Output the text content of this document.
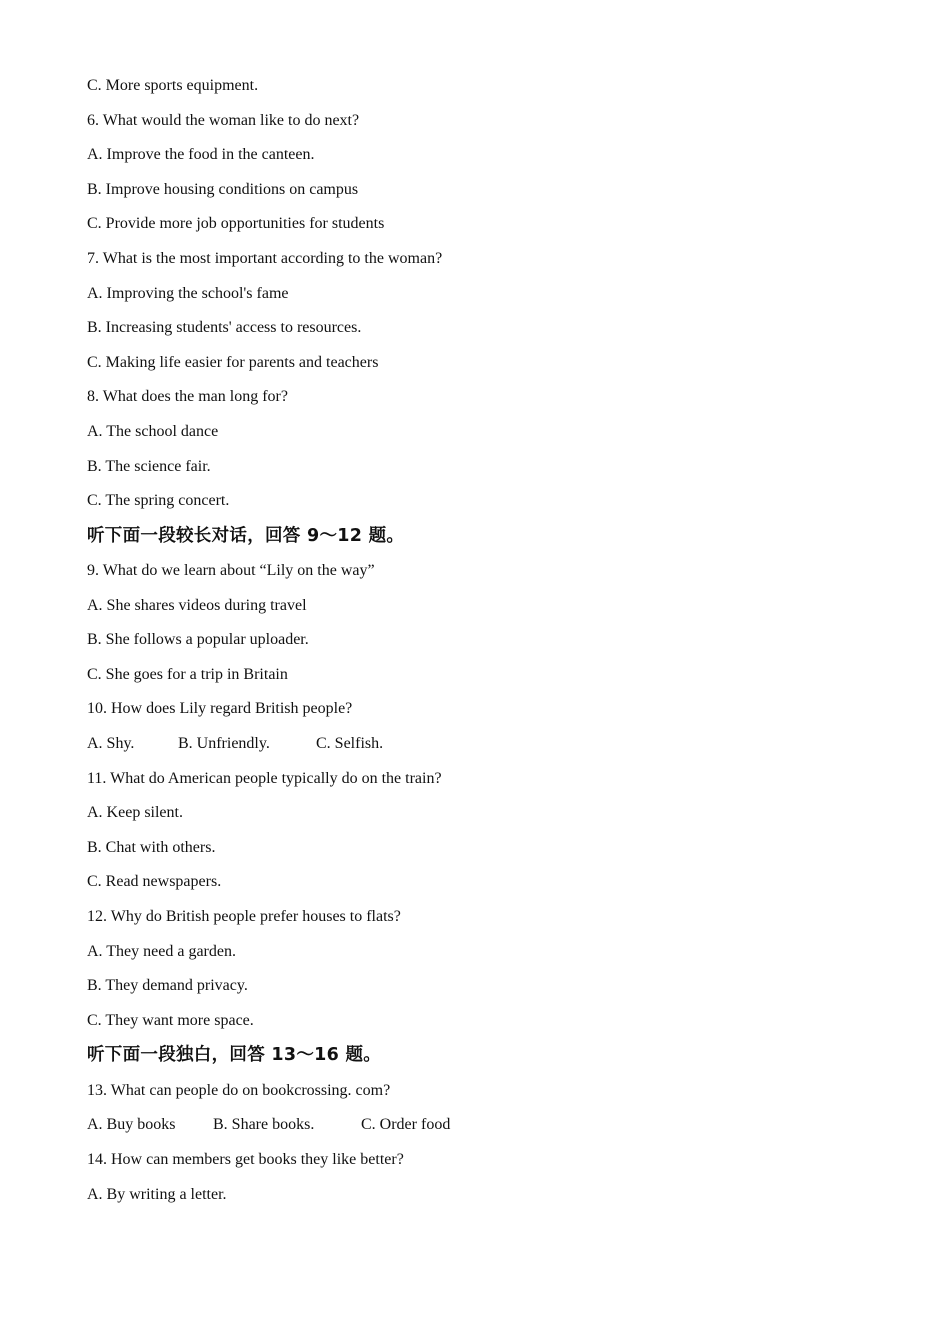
C. More sports equipment.
6. What would the woman like to do next?
A. Improve the food in the canteen.
B. Improve housing conditions on campus
C. Provide more job opportunities for students
7. What is the most important according to the woman?
A. Improving the school's fame
B. Increasing students' access to resources.
C. Making life easier for parents and teachers
8. What does the man long for?
A. The school dance
B. The science fair.
C. The spring concert.
听下面一段较长对话，回答 9～12 题。
9. What do we learn about “Lily on the way”
A. She shares videos during travel
B. She follows a popular uploader.
C. She goes for a trip in Britain
10. How does Lily regard British people?
A. Shy.	B. Unfriendly.	C. Selfish.
11. What do American people typically do on the train?
A. Keep silent.
B. Chat with others.
C. Read newspapers.
12. Why do British people prefer houses to flats?
A. They need a garden.
B. They demand privacy.
C. They want more space.
听下面一段独白，回答 13～16 题。
13. What can people do on bookcrossing. com?
A. Buy books B. Share books.	C. Order food
14. How can members get books they like better?
A. By writing a letter.
